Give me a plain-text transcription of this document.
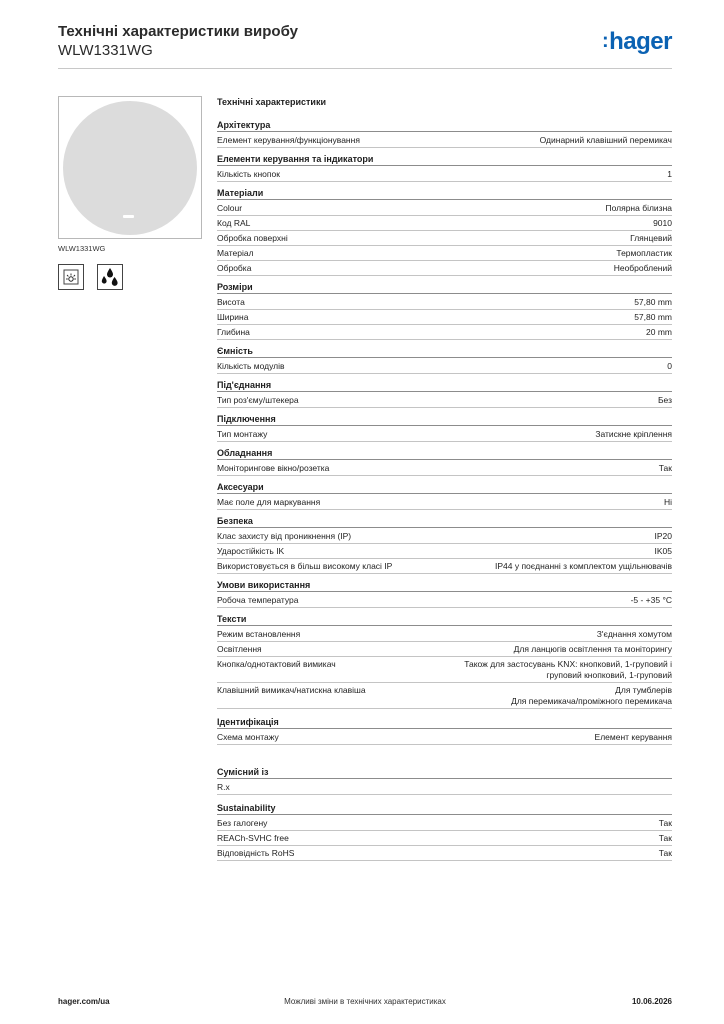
Технічні характеристики виробу
WLW1331WG	:hager
WLW1331WG
Технічні характеристики
Архітектура
Елемент керування/функціонування	Одинарний клавішний перемикач
Елементи керування та індикатори
Кількість кнопок	1
Матеріали
Colour	Полярна білизна
Код RAL	9010
Обробка поверхні	Глянцевий
Матеріал	Термопластик
Обробка	Необроблений
Розміри
Висота	57,80 mm
Ширина	57,80 mm
Глибина	20 mm
Ємність
Кількість модулів	0
Під'єднання
Тип роз'єму/штекера	Без
Підключення
Тип монтажу	Затискне кріплення
Обладнання
Моніторингове вікно/розетка	Так
Аксесуари
Має поле для маркування	Ні
Безпека
Клас захисту від проникнення (IP)	IP20
Ударостійкість IK	IK05
Використовується в більш високому класі IP	IP44 у поєднанні з комплектом ущільнювачів
Умови використання
Робоча температура	-5 - +35 °C
Тексти
Режим встановлення	З'єднання хомутом
Освітлення	Для ланцюгів освітлення та моніторингу
Кнопка/однотактовий вимикач	Також для застосувань KNX: кнопковий, 1-груповий і
груповий кнопковий, 1-груповий
Клавішний вимикач/натискна клавіша	Для тумблерів
Для перемикача/проміжного перемикача
Ідентифікація
Схема монтажу	Елемент керування
Сумісний із
R.x
Sustainability
Без галогену	Так
REACh-SVHC free	Так
Відповідність RoHS	Так
hager.com/ua	Можливі зміни в технічних характеристиках	10.06.2026
